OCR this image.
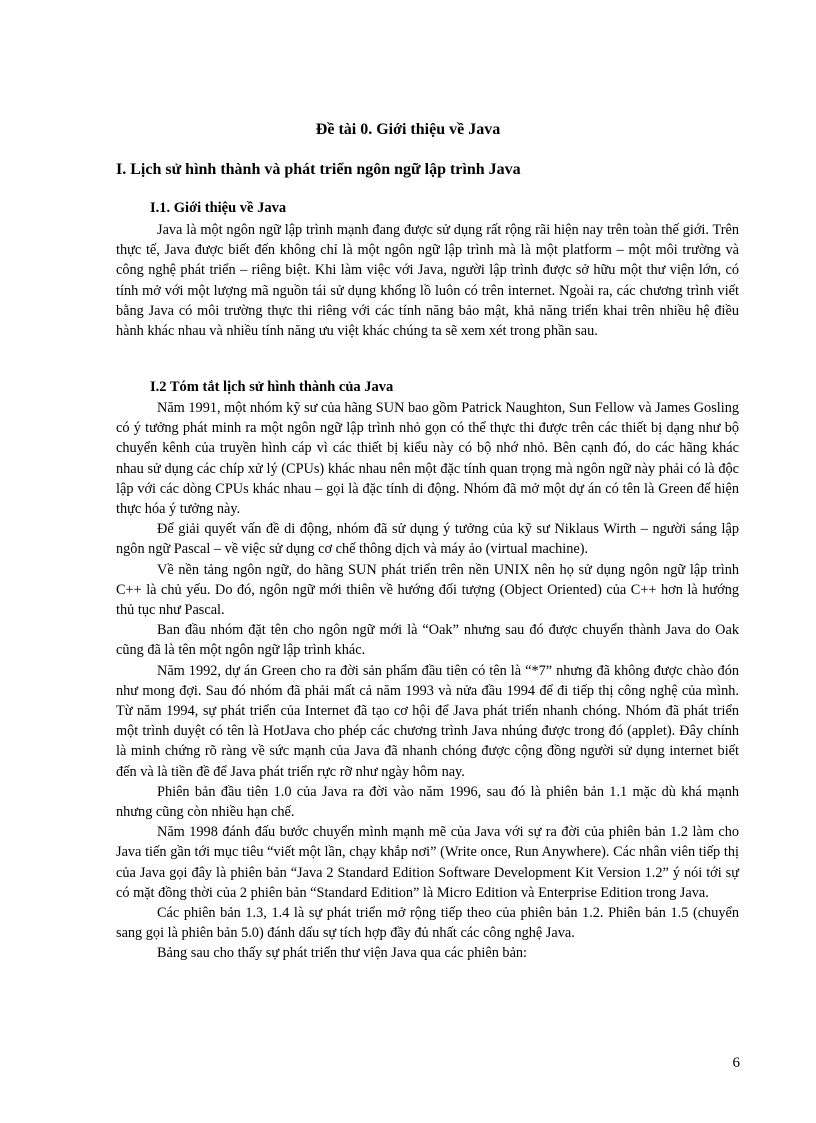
Đề tài 0. Giới thiệu về Java
I. Lịch sử hình thành và phát triển ngôn ngữ lập trình Java
I.1. Giới thiệu về Java

Java là một ngôn ngữ lập trình mạnh đang được sử dụng rất rộng rãi hiện nay trên toàn thế giới. Trên thực tế, Java được biết đến không chỉ là một ngôn ngữ lập trình mà là một platform – một môi trường và công nghệ phát triển – riêng biệt. Khi làm việc với Java, người lập trình được sở hữu một thư viện lớn, có tính mở với một lượng mã nguồn tái sử dụng khổng lồ luôn có trên internet. Ngoài ra, các chương trình viết bằng Java có môi trường thực thi riêng với các tính năng bảo mật, khả năng triển khai trên nhiều hệ điều hành khác nhau và nhiều tính năng ưu việt khác chúng ta sẽ xem xét trong phần sau.

I.2 Tóm tắt lịch sử hình thành của Java

Năm 1991, một nhóm kỹ sư của hãng SUN bao gồm Patrick Naughton, Sun Fellow và James Gosling có ý tưởng phát minh ra một ngôn ngữ lập trình nhỏ gọn có thể thực thi được trên các thiết bị dạng như bộ chuyển kênh của truyền hình cáp vì các thiết bị kiểu này có bộ nhớ nhỏ. Bên cạnh đó, do các hãng khác nhau sử dụng các chíp xử lý (CPUs) khác nhau nên một đặc tính quan trọng mà ngôn ngữ này phải có là độc lập với các dòng CPUs khác nhau – gọi là đặc tính di động. Nhóm đã mở một dự án có tên là Green để hiện thực hóa ý tưởng này.

Để giải quyết vấn đề di động, nhóm đã sử dụng ý tưởng của kỹ sư Niklaus Wirth – người sáng lập ngôn ngữ Pascal – về việc sử dụng cơ chế thông dịch và máy ảo (virtual machine).

Về nền tảng ngôn ngữ, do hãng SUN phát triển trên nền UNIX nên họ sử dụng ngôn ngữ lập trình C++ là chủ yếu. Do đó, ngôn ngữ mới thiên về hướng đối tượng (Object Oriented) của C++ hơn là hướng thủ tục như Pascal.

Ban đầu nhóm đặt tên cho ngôn ngữ mới là “Oak” nhưng sau đó được chuyển thành Java do Oak cũng đã là tên một ngôn ngữ lập trình khác.

Năm 1992, dự án Green cho ra đời sản phẩm đầu tiên có tên là “*7” nhưng đã không được chào đón như mong đợi. Sau đó nhóm đã phải mất cả năm 1993 và nửa đầu 1994 để đi tiếp thị công nghệ của mình. Từ năm 1994, sự phát triển của Internet đã tạo cơ hội để Java phát triển nhanh chóng. Nhóm đã phát triển một trình duyệt có tên là HotJava cho phép các chương trình Java nhúng được trong đó (applet). Đây chính là minh chứng rõ ràng về sức mạnh của Java đã nhanh chóng được cộng đồng người sử dụng internet biết đến và là tiền đề để Java phát triển rực rỡ như ngày hôm nay.

Phiên bản đầu tiên 1.0 của Java ra đời vào năm 1996, sau đó là phiên bản 1.1 mặc dù khá mạnh nhưng cũng còn nhiều hạn chế.

Năm 1998 đánh đấu bước chuyển mình mạnh mẽ của Java với sự ra đời của phiên bản 1.2 làm cho Java tiến gần tới mục tiêu “viết một lần, chạy khắp nơi” (Write once, Run Anywhere). Các nhân viên tiếp thị của Java gọi đây là phiên bản “Java 2 Standard Edition Software Development Kit Version 1.2” ý nói tới sự có mặt đồng thời của 2 phiên bản “Standard Edition” là Micro Edition và Enterprise Edition trong Java.

Các phiên bản 1.3, 1.4 là sự phát triển mở rộng tiếp theo của phiên bản 1.2. Phiên bản 1.5 (chuyển sang gọi là phiên bản 5.0) đánh dấu sự tích hợp đầy đủ nhất các công nghệ Java.

Bảng sau cho thấy sự phát triển thư viện Java qua các phiên bản:

6
